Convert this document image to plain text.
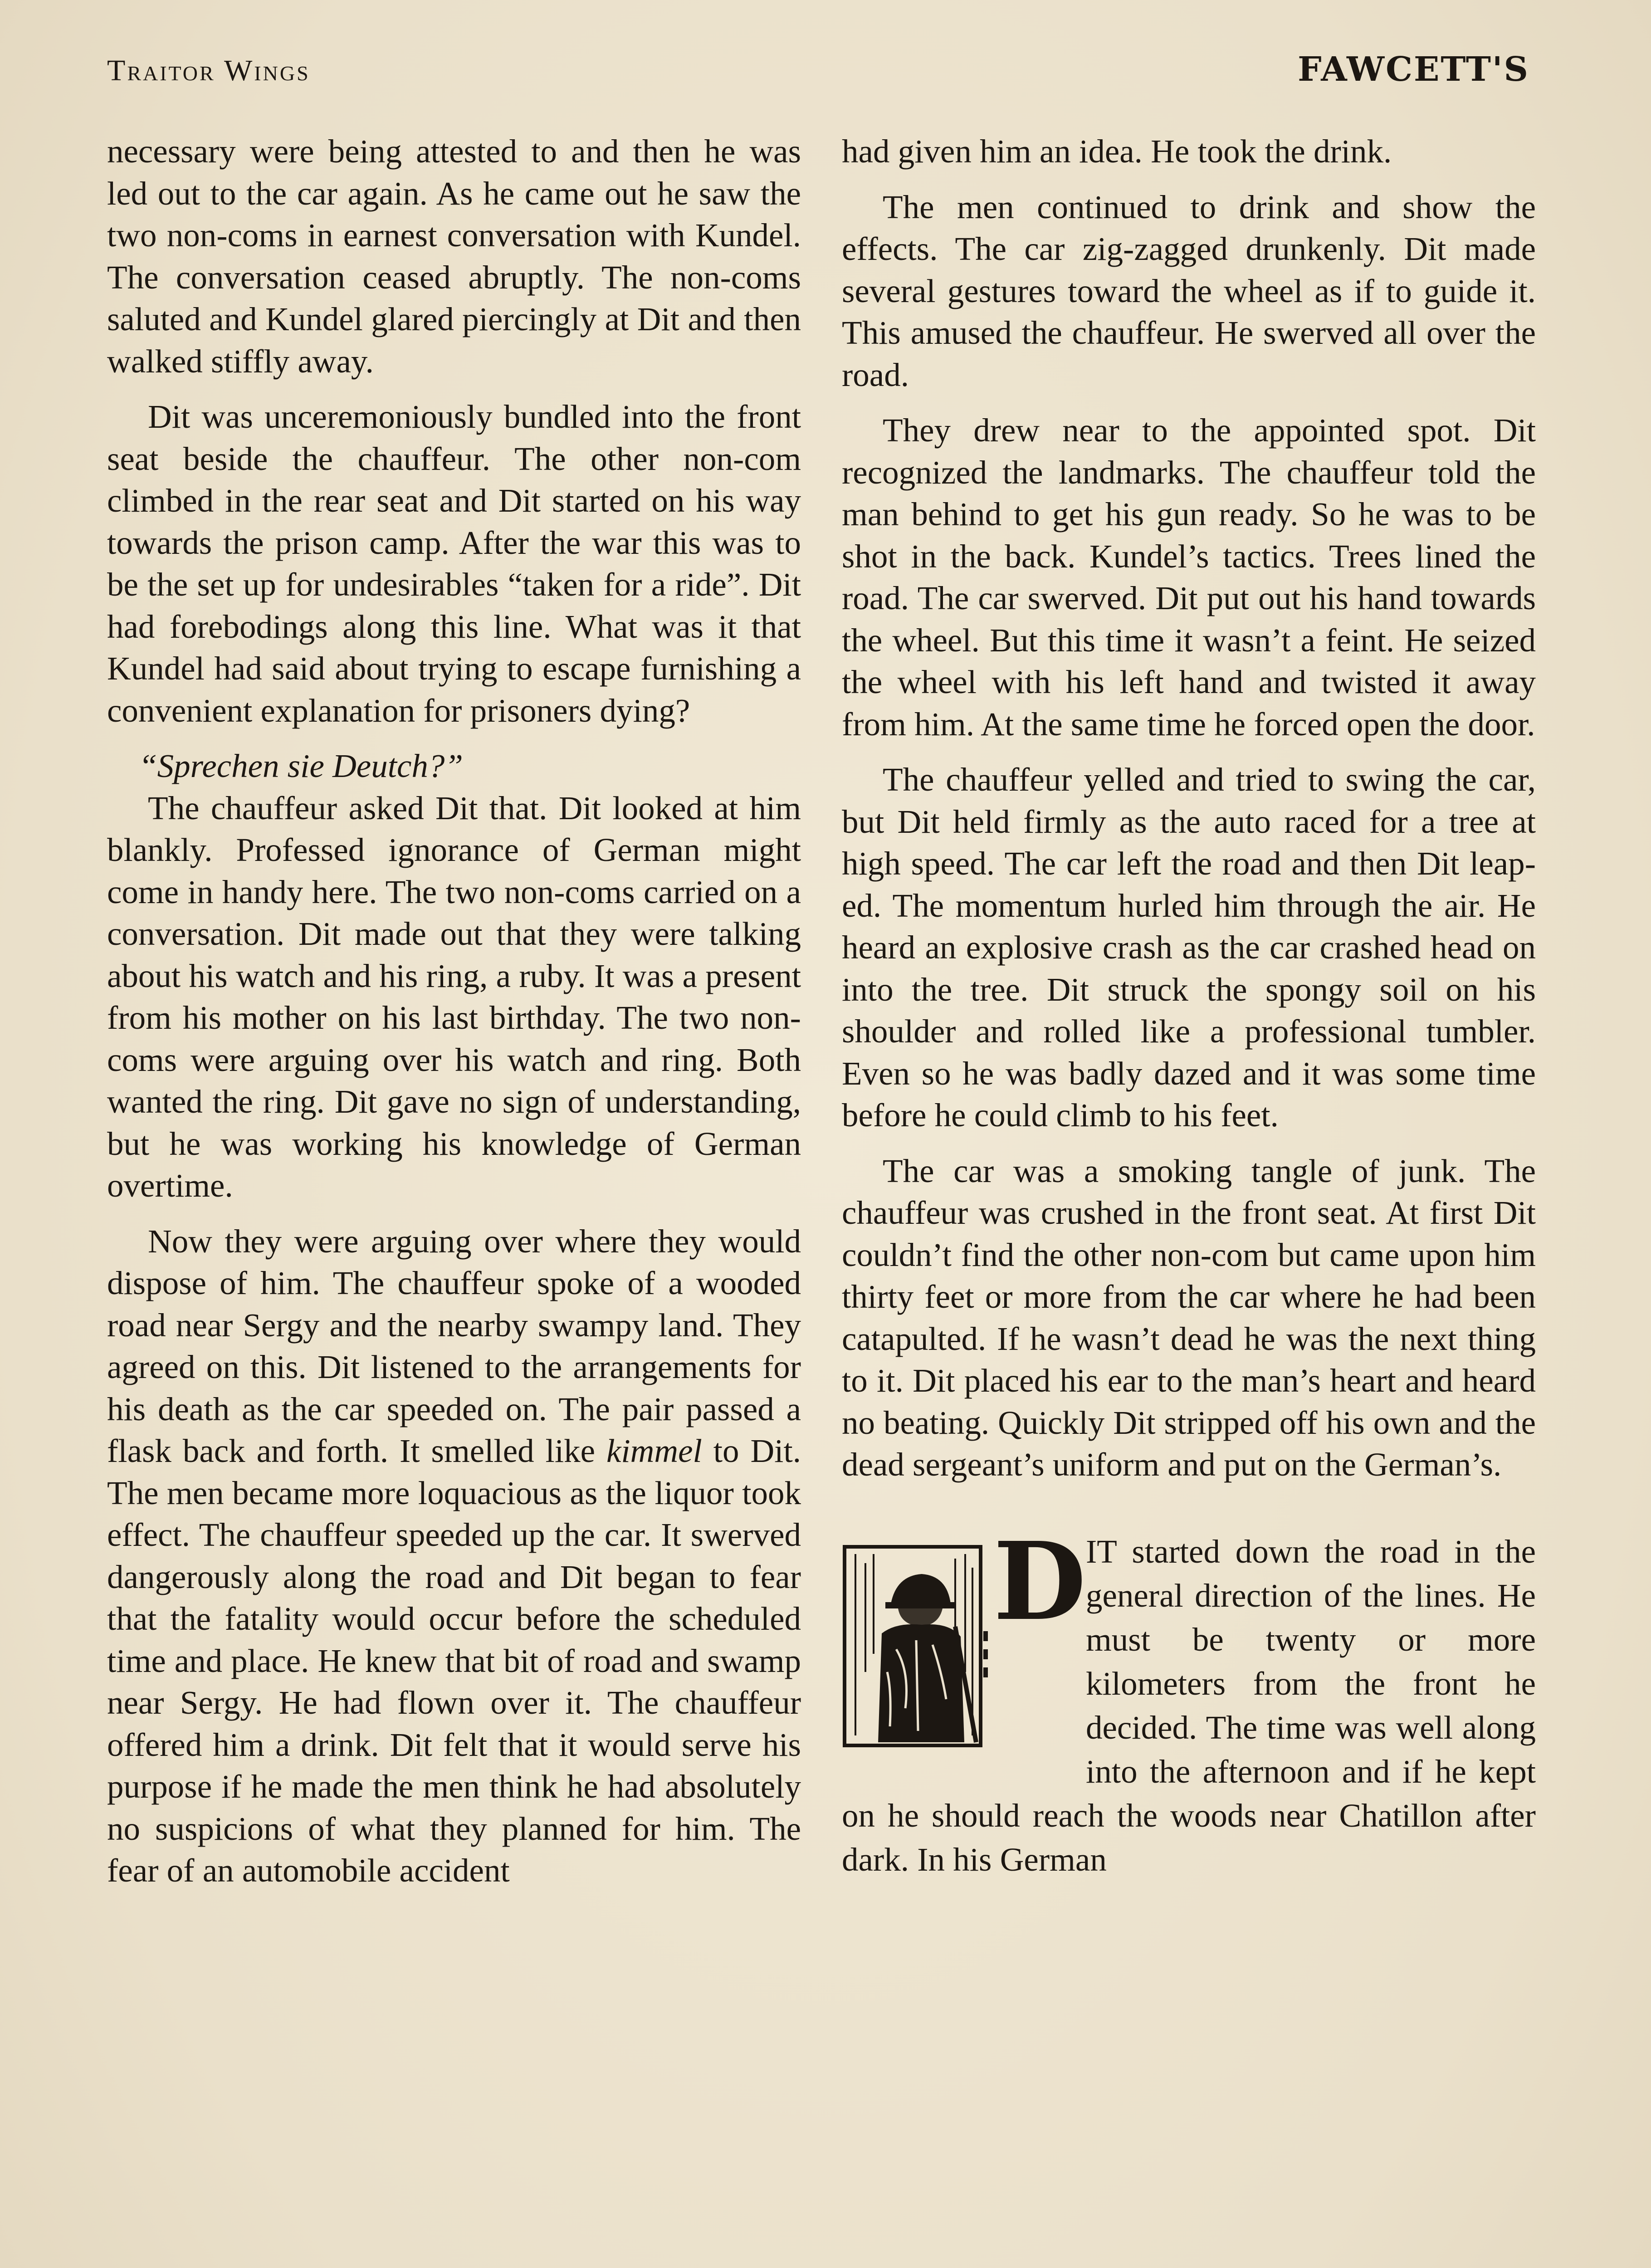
Traitor Wings	FAWCETT'S

necessary were being attested to and then he was led out to the car again. As he came out he saw the two non-coms in earnest conversation with Kundel. The conversation ceased abruptly. The non-coms saluted and Kundel glared piercingly at Dit and then walked stiffly away.

Dit was unceremoniously bundled into the front seat beside the chauffeur. The other non-com climbed in the rear seat and Dit started on his way towards the prison camp. After the war this was to be the set up for undesirables “taken for a ride”. Dit had forebodings along this line. What was it that Kundel had said about trying to escape furnishing a convenient explanation for prisoners dying?

“Sprechen sie Deutch?”

The chauffeur asked Dit that. Dit looked at him blankly. Professed ignorance of German might come in handy here. The two non-coms carried on a conversation. Dit made out that they were talking about his watch and his ring, a ruby. It was a present from his mother on his last birthday. The two non-coms were arguing over his watch and ring. Both wanted the ring. Dit gave no sign of understanding, but he was working his knowledge of German overtime.

Now they were arguing over where they would dispose of him. The chauffeur spoke of a wooded road near Sergy and the nearby swampy land. They agreed on this. Dit listened to the arrangements for his death as the car speeded on. The pair passed a flask back and forth. It smelled like kimmel to Dit. The men became more loquacious as the liquor took effect. The chauffeur speeded up the car. It swerved dangerously along the road and Dit began to fear that the fatality would occur before the scheduled time and place. He knew that bit of road and swamp near Sergy. He had flown over it. The chauffeur offered him a drink. Dit felt that it would serve his purpose if he made the men think he had absolutely no suspicions of what they planned for him. The fear of an automobile accident

had given him an idea. He took the drink.

The men continued to drink and show the effects. The car zig-zagged drunkenly. Dit made several gestures toward the wheel as if to guide it. This amused the chauffeur. He swerved all over the road.

They drew near to the appointed spot. Dit recognized the landmarks. The chauffeur told the man behind to get his gun ready. So he was to be shot in the back. Kundel’s tactics. Trees lined the road. The car swerved. Dit put out his hand towards the wheel. But this time it wasn’t a feint. He seized the wheel with his left hand and twisted it away from him. At the same time he forced open the door.

The chauffeur yelled and tried to swing the car, but Dit held firmly as the auto raced for a tree at high speed. The car left the road and then Dit leaped. The momentum hurled him through the air. He heard an explosive crash as the car crashed head on into the tree. Dit struck the spongy soil on his shoulder and rolled like a professional tumbler. Even so he was badly dazed and it was some time before he could climb to his feet.

The car was a smoking tangle of junk. The chauffeur was crushed in the front seat. At first Dit couldn’t find the other non-com but came upon him thirty feet or more from the car where he had been catapulted. If he wasn’t dead he was the next thing to it. Dit placed his ear to the man’s heart and heard no beating. Quickly Dit stripped off his own and the dead sergeant’s uniform and put on the German’s.

D IT started down the road in the general direction of the lines. He must be twenty or more kilometers from the front he decided. The time was well along into the afternoon and if he kept on he should reach the woods near Chatillon after dark. In his German
